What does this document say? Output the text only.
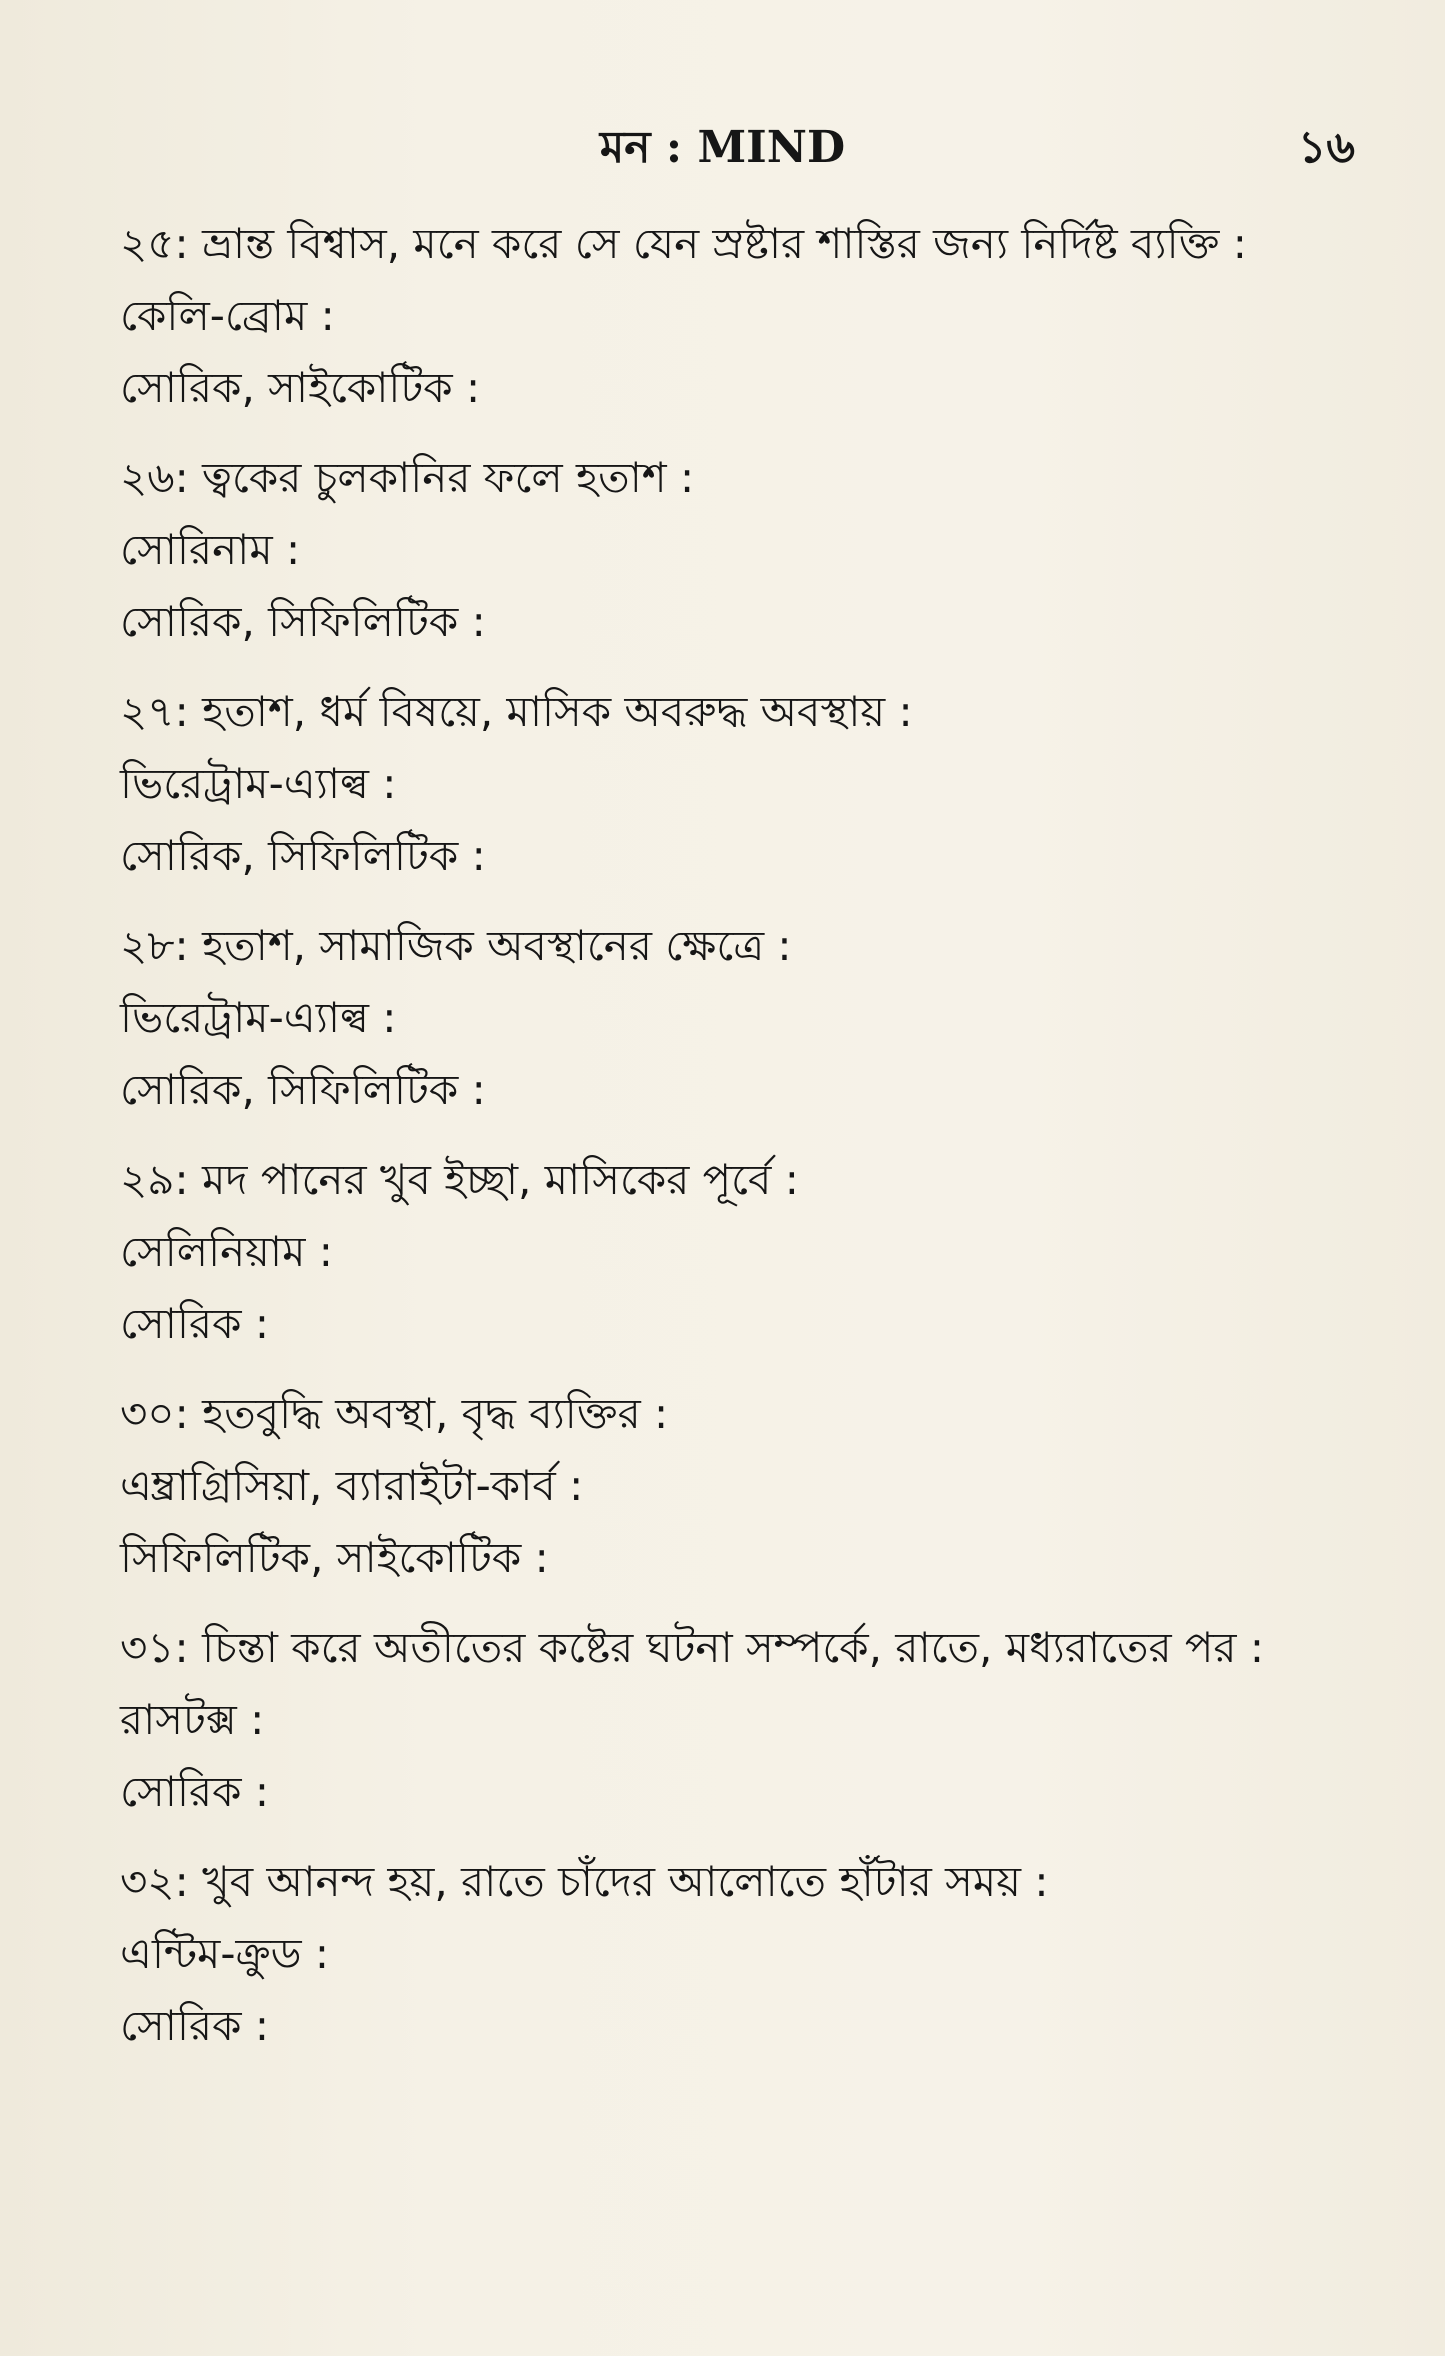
মন : MIND	১৬
২৫: ভ্রান্ত বিশ্বাস, মনে করে সে যেন স্রষ্টার শাস্তির জন্য নির্দিষ্ট ব্যক্তি :
কেলি-ব্রোম :
সোরিক, সাইকোটিক :
২৬: ত্বকের চুলকানির ফলে হতাশ :
সোরিনাম :
সোরিক, সিফিলিটিক :
২৭: হতাশ, ধর্ম বিষয়ে, মাসিক অবরুদ্ধ অবস্থায় :
ভিরেট্রাম-এ্যাল্ব :
সোরিক, সিফিলিটিক :
২৮: হতাশ, সামাজিক অবস্থানের ক্ষেত্রে :
ভিরেট্রাম-এ্যাল্ব :
সোরিক, সিফিলিটিক :
২৯: মদ পানের খুব ইচ্ছা, মাসিকের পূর্বে :
সেলিনিয়াম :
সোরিক :
৩০: হতবুদ্ধি অবস্থা, বৃদ্ধ ব্যক্তির :
এম্ব্রাগ্রিসিয়া, ব্যারাইটা-কার্ব :
সিফিলিটিক, সাইকোটিক :
৩১: চিন্তা করে অতীতের কষ্টের ঘটনা সম্পর্কে, রাতে, মধ্যরাতের পর :
রাসটক্স :
সোরিক :
৩২: খুব আনন্দ হয়, রাতে চাঁদের আলোতে হাঁটার সময় :
এন্টিম-ক্রুড :
সোরিক :
